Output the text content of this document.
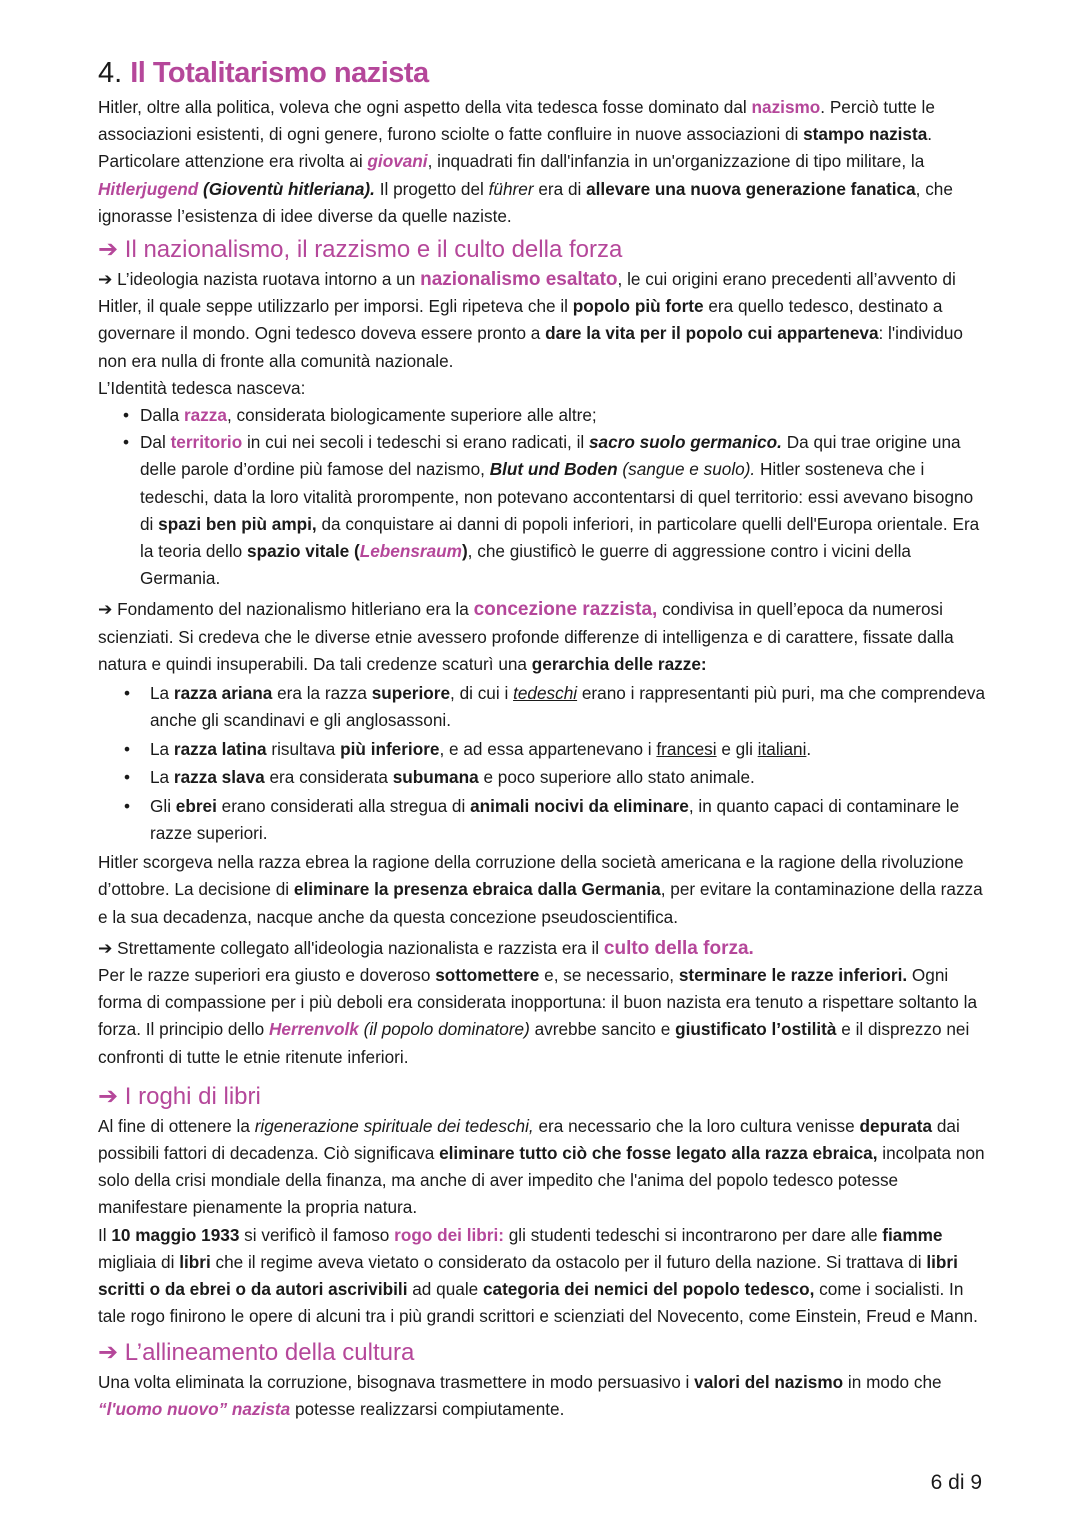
4. Il Totalitarismo nazista

Hitler, oltre alla politica, voleva che ogni aspetto della vita tedesca fosse dominato dal nazismo. Perciò tutte le associazioni esistenti, di ogni genere, furono sciolte o fatte confluire in nuove associazioni di stampo nazista. Particolare attenzione era rivolta ai giovani, inquadrati fin dall'infanzia in un'organizzazione di tipo militare, la Hitlerjugend (Gioventù hitleriana). Il progetto del führer era di allevare una nuova generazione fanatica, che ignorasse l’esistenza di idee diverse da quelle naziste.

➔ Il nazionalismo, il razzismo e il culto della forza

➔ L’ideologia nazista ruotava intorno a un nazionalismo esaltato, le cui origini erano precedenti all’avvento di Hitler, il quale seppe utilizzarlo per imporsi. Egli ripeteva che il popolo più forte era quello tedesco, destinato a governare il mondo. Ogni tedesco doveva essere pronto a dare la vita per il popolo cui apparteneva: l'individuo non era nulla di fronte alla comunità nazionale.

L’Identità tedesca nasceva:

• Dalla razza, considerata biologicamente superiore alle altre;
• Dal territorio in cui nei secoli i tedeschi si erano radicati, il sacro suolo germanico. Da qui trae origine una delle parole d’ordine più famose del nazismo, Blut und Boden (sangue e suolo). Hitler sosteneva che i tedeschi, data la loro vitalità prorompente, non potevano accontentarsi di quel territorio: essi avevano bisogno di spazi ben più ampi, da conquistare ai danni di popoli inferiori, in particolare quelli dell'Europa orientale. Era la teoria dello spazio vitale (Lebensraum), che giustificò le guerre di aggressione contro i vicini della Germania.

➔ Fondamento del nazionalismo hitleriano era la concezione razzista, condivisa in quell’epoca da numerosi scienziati. Si credeva che le diverse etnie avessero profonde differenze di intelligenza e di carattere, fissate dalla natura e quindi insuperabili. Da tali credenze scaturì una gerarchia delle razze:

• La razza ariana era la razza superiore, di cui i tedeschi erano i rappresentanti più puri, ma che comprendeva anche gli scandinavi e gli anglosassoni.
• La razza latina risultava più inferiore, e ad essa appartenevano i francesi e gli italiani.
• La razza slava era considerata subumana e poco superiore allo stato animale.
• Gli ebrei erano considerati alla stregua di animali nocivi da eliminare, in quanto capaci di contaminare le razze superiori.

Hitler scorgeva nella razza ebrea la ragione della corruzione della società americana e la ragione della rivoluzione d’ottobre. La decisione di eliminare la presenza ebraica dalla Germania, per evitare la contaminazione della razza e la sua decadenza, nacque anche da questa concezione pseudoscientifica.

➔ Strettamente collegato all'ideologia nazionalista e razzista era il culto della forza.

Per le razze superiori era giusto e doveroso sottomettere e, se necessario, sterminare le razze inferiori. Ogni forma di compassione per i più deboli era considerata inopportuna: il buon nazista era tenuto a rispettare soltanto la forza. Il principio dello Herrenvolk (il popolo dominatore) avrebbe sancito e giustificato l’ostilità e il disprezzo nei confronti di tutte le etnie ritenute inferiori.

➔ I roghi di libri

Al fine di ottenere la rigenerazione spirituale dei tedeschi, era necessario che la loro cultura venisse depurata dai possibili fattori di decadenza. Ciò significava eliminare tutto ciò che fosse legato alla razza ebraica, incolpata non solo della crisi mondiale della finanza, ma anche di aver impedito che l'anima del popolo tedesco potesse manifestare pienamente la propria natura.

Il 10 maggio 1933 si verificò il famoso rogo dei libri: gli studenti tedeschi si incontrarono per dare alle fiamme migliaia di libri che il regime aveva vietato o considerato da ostacolo per il futuro della nazione. Si trattava di libri scritti o da ebrei o da autori ascrivibili ad quale categoria dei nemici del popolo tedesco, come i socialisti. In tale rogo finirono le opere di alcuni tra i più grandi scrittori e scienziati del Novecento, come Einstein, Freud e Mann.

➔ L’allineamento della cultura

Una volta eliminata la corruzione, bisognava trasmettere in modo persuasivo i valori del nazismo in modo che “l'uomo nuovo” nazista potesse realizzarsi compiutamente.

6 di 9
